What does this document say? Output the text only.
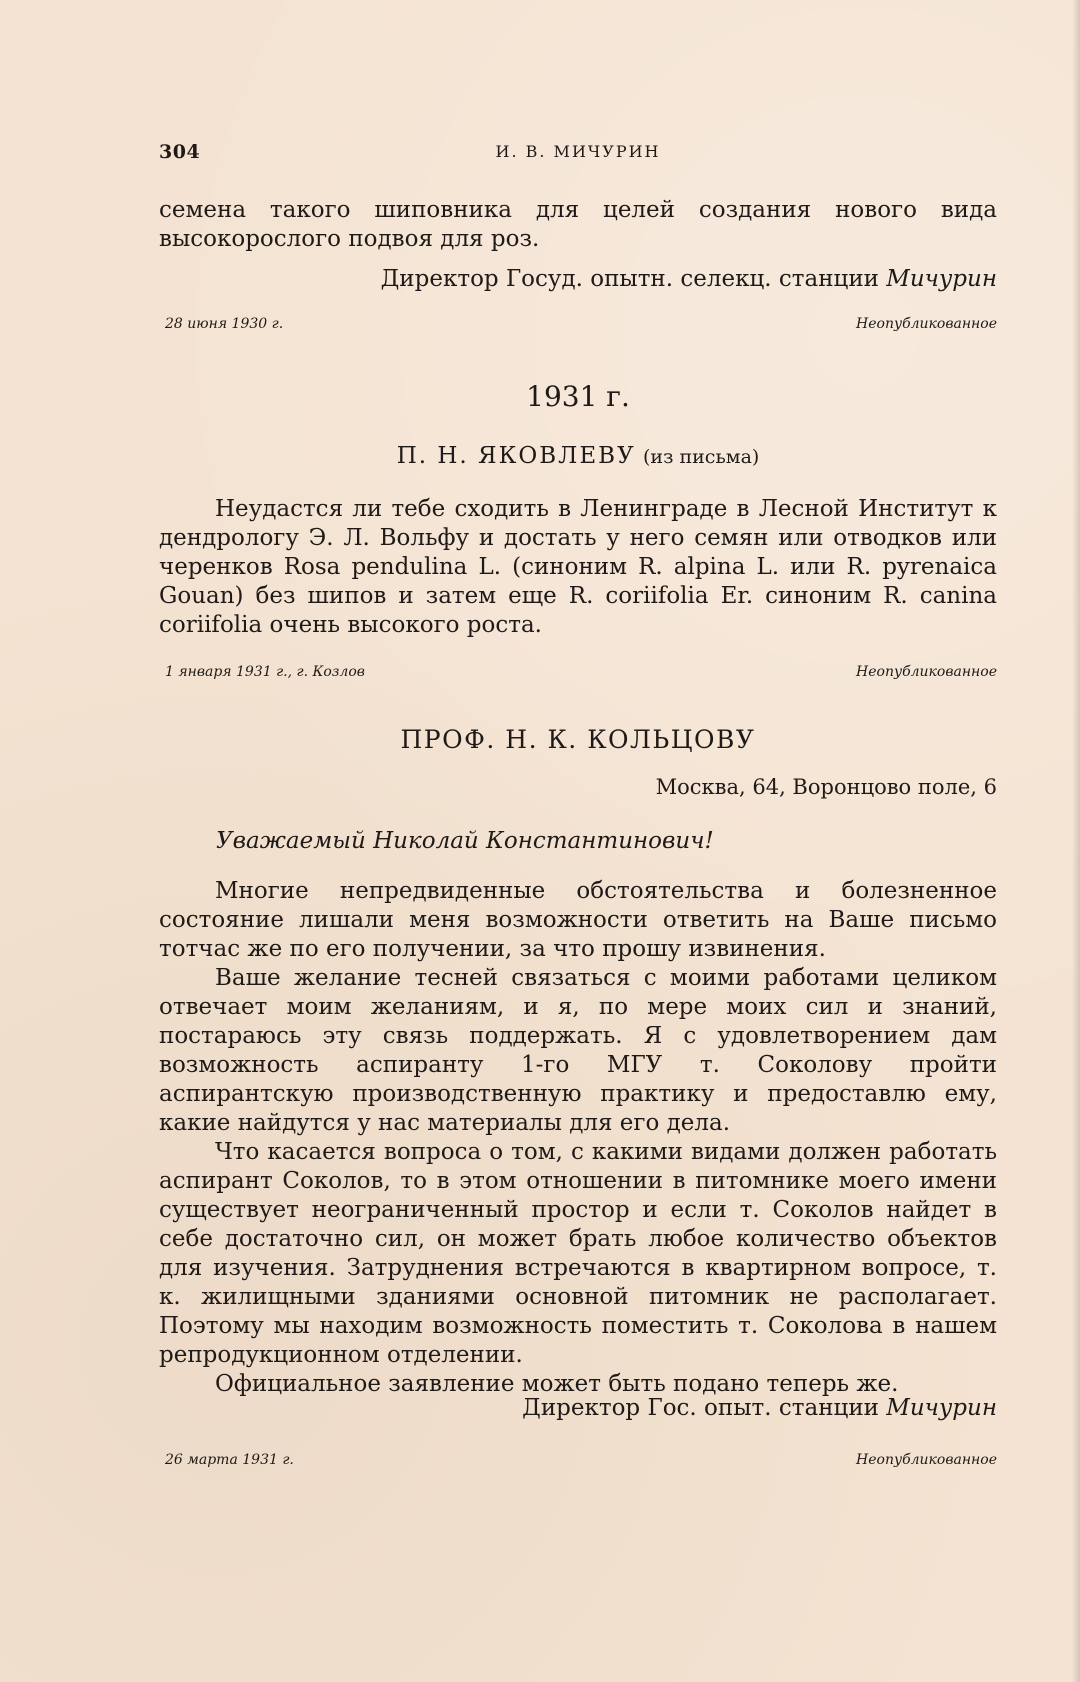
304	И. В. МИЧУРИН

семена такого шиповника для целей создания нового вида высокорослого подвоя для роз.

Директор Госуд. опытн. селекц. станции Мичурин
28 июня 1930 г.	Неопубликованное
1931 г.
П. Н. ЯКОВЛЕВУ (из письма)

Неудастся ли тебе сходить в Ленинграде в Лесной Институт к дендрологу Э. Л. Вольфу и достать у него семян или отводков или черенков Rosa pendulina L. (синоним R. alpina L. или R. pyrenaica Gouan) без шипов и затем еще R. coriifolia Er. синоним R. canina coriifolia очень высокого роста.

1 января 1931 г., г. Козлов	Неопубликованное
ПРОФ. Н. К. КОЛЬЦОВУ
Москва, 64, Воронцово поле, 6
Уважаемый Николай Константинович!

Многие непредвиденные обстоятельства и болезненное состояние лишали меня возможности ответить на Ваше письмо тотчас же по его получении, за что прошу извинения.

Ваше желание тесней связаться с моими работами целиком отвечает моим желаниям, и я, по мере моих сил и знаний, постараюсь эту связь поддержать. Я с удовлетворением дам возможность аспиранту 1-го МГУ т. Соколову пройти аспирантскую производственную практику и предоставлю ему, какие найдутся у нас материалы для его дела.

Что касается вопроса о том, с какими видами должен работать аспирант Соколов, то в этом отношении в питомнике моего имени существует неограниченный простор и если т. Соколов найдет в себе достаточно сил, он может брать любое количество объектов для изучения. Затруднения встречаются в квартирном вопросе, т. к. жилищными зданиями основной питомник не располагает. Поэтому мы находим возможность поместить т. Соколова в нашем репродукционном отделении.

Официальное заявление может быть подано теперь же.

Директор Гос. опыт. станции Мичурин
26 марта 1931 г.	Неопубликованное
